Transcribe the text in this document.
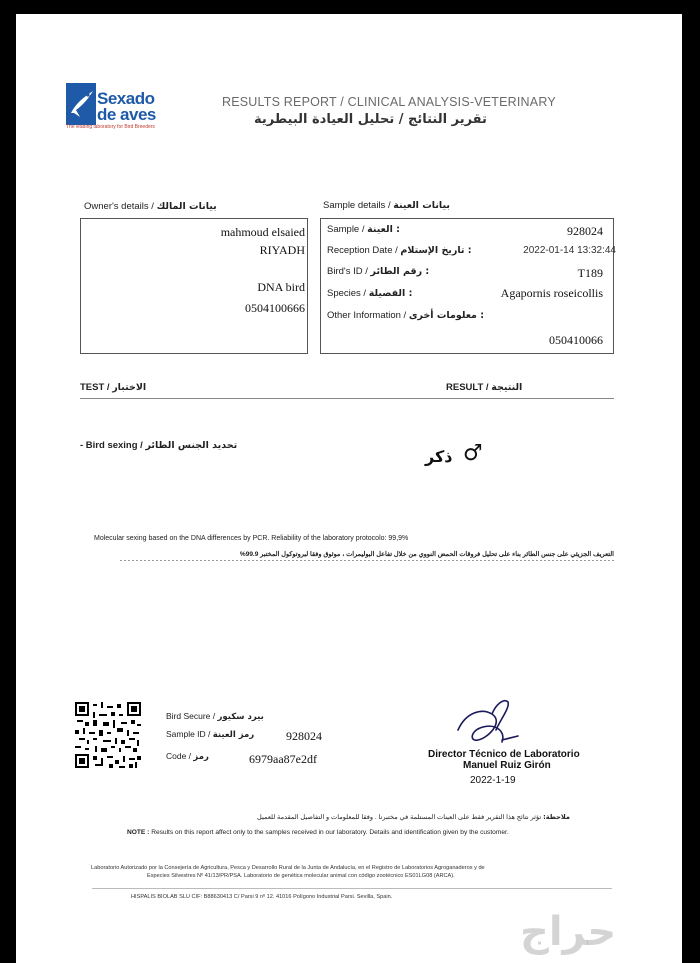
Sexado
de aves
The leading laboratory for Bird Breeders
RESULTS REPORT / CLINICAL ANALYSIS-VETERINARY
تقرير النتائج / تحليل العيادة البيطرية
Owner's details / بيانات المالك
mahmoud elsaied
RIYADH
DNA bird
0504100666
Sample details / بيانات العينة
Sample / العينة :	928024
Reception Date / تاريخ الإستلام :	2022-01-14 13:32:44
Bird's ID / رقم الطائر :	T189
Species / الفصيلة :	Agapornis roseicollis
Other Information / معلومات أخرى :
050410066
TEST / الاختبار	RESULT / النتيجة
- Bird sexing / تحديد الجنس الطائر
ذكر ♂
Molecular sexing based on the DNA differences by PCR. Reliability of the laboratory protocolo: 99,9%
التعريف الجزيئي على جنس الطائر بناء على تحليل فروقات الحمض النووي من خلال تفاعل البوليمرات ، موثوق وفقا لبروتوكول المختبر 99.9%
Bird Secure / بيرد سكيور
Sample ID / رمز العينة	928024
Code / رمز	6979aa87e2df	Director Técnico de Laboratorio
Manuel Ruiz Girón
2022-1-19
ملاحظة: تؤثر نتائج هذا التقرير فقط على العينات المستلمة في مختبرنا . وفقا للمعلومات و التفاصيل المقدمة للعميل
NOTE : Results on this report affect only to the samples received in our laboratory. Details and identification given by the customer.
Laboratorio Autorizado por la Consejería de Agricultura, Pesca y Desarrollo Rural de la Junta de Andalucía, en el Registro de Laboratorios Agroganaderos y de
Especies Silvestres Nº 41/13/PR/PSA. Laboratorio de genética molecular animal con código zootécnico ES01LG08 (ARCA).
HISPALIS BIOLAB SLU CIF: B88630413 C/ Parsi 9 nº 12. 41016 Polígono Industrial Parsi. Sevilla, Spain.
حراج
